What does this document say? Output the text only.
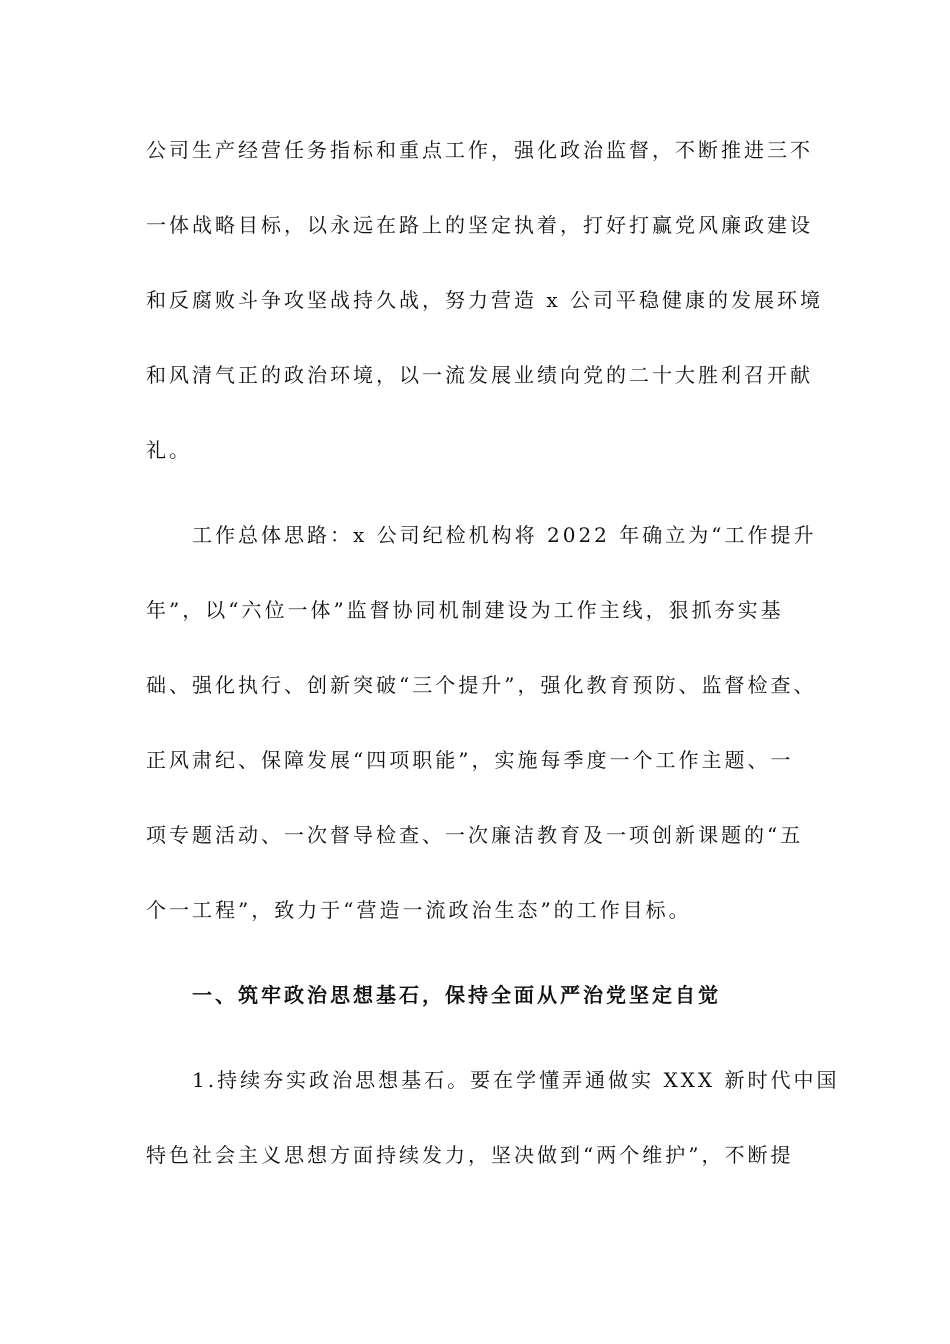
公司生产经营任务指标和重点工作，强化政治监督，不断推进三不
一体战略目标，以永远在路上的坚定执着，打好打赢党风廉政建设
和反腐败斗争攻坚战持久战，努力营造 x 公司平稳健康的发展环境
和风清气正的政治环境，以一流发展业绩向党的二十大胜利召开献
礼。
工作总体思路：x 公司纪检机构将 2022 年确立为“工作提升
年”，以“六位一体”监督协同机制建设为工作主线，狠抓夯实基
础、强化执行、创新突破“三个提升”，强化教育预防、监督检查、
正风肃纪、保障发展“四项职能”，实施每季度一个工作主题、一
项专题活动、一次督导检查、一次廉洁教育及一项创新课题的“五
个一工程”，致力于“营造一流政治生态”的工作目标。
一、筑牢政治思想基石，保持全面从严治党坚定自觉
1.持续夯实政治思想基石。要在学懂弄通做实 XXX 新时代中国
特色社会主义思想方面持续发力，坚决做到“两个维护”，不断提
